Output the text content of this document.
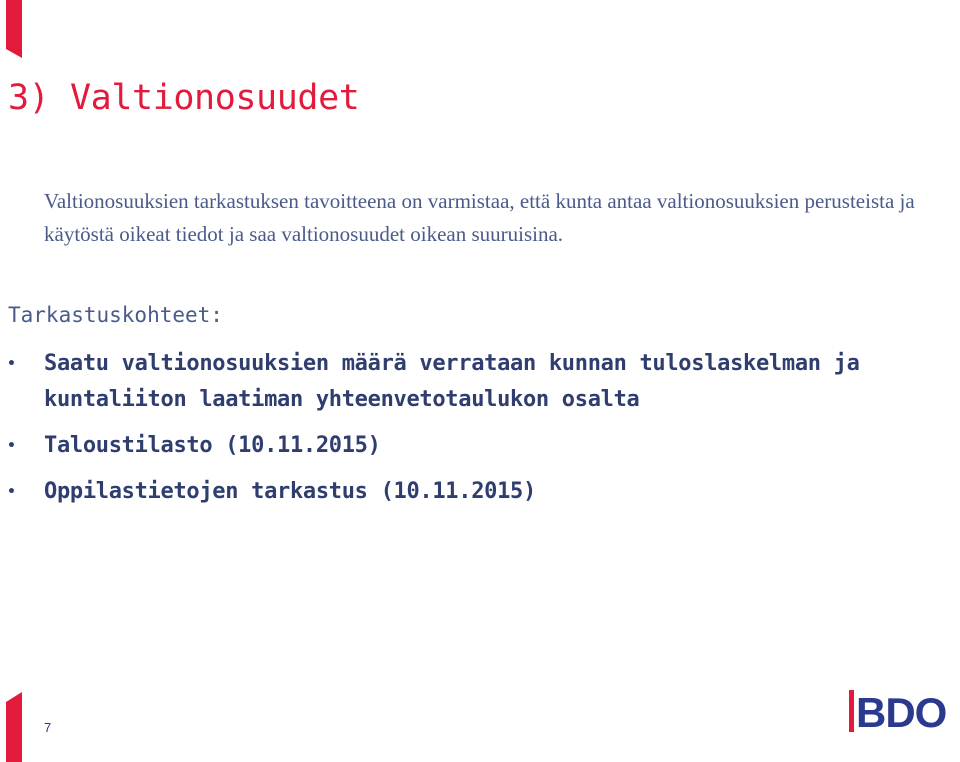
3) Valtionosuudet

Valtionosuuksien tarkastuksen tavoitteena on varmistaa, että kunta antaa valtionosuuksien perusteista ja käytöstä oikeat tiedot ja saa valtionosuudet oikean suuruisina.

Tarkastuskohteet:
• Saatu valtionosuuksien määrä verrataan kunnan tuloslaskelman ja kuntaliiton laatiman yhteenvetotaulukon osalta
• Taloustilasto (10.11.2015)
• Oppilastietojen tarkastus (10.11.2015)
7	BDO
